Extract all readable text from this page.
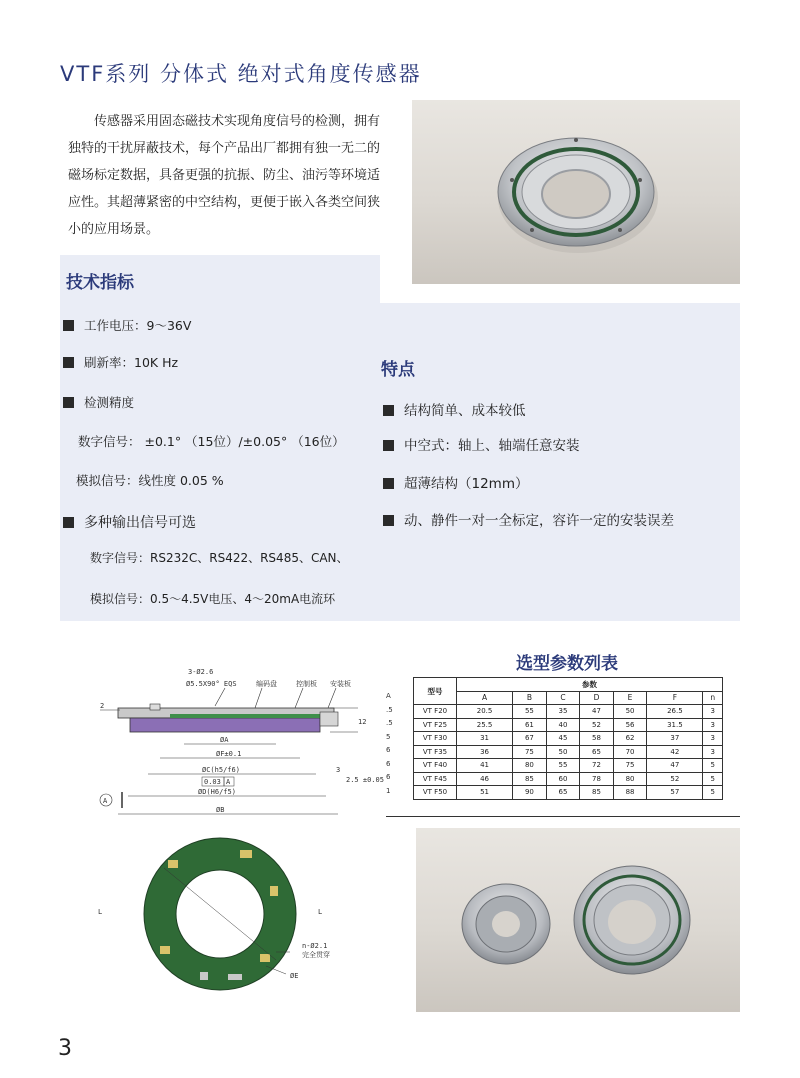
VTF系列 分体式 绝对式角度传感器
传感器采用固态磁技术实现角度信号的检测，拥有独特的干扰屏蔽技术，每个产品出厂都拥有独一无二的磁场标定数据，具备更强的抗振、防尘、油污等环境适应性。其超薄紧密的中空结构，更便于嵌入各类空间狭小的应用场景。
技术指标
工作电压：9～36V
刷新率：10K Hz
检测精度
数字信号： ±0.1° （15位）/±0.05° （16位）
模拟信号：线性度 0.05 %
多种输出信号可选
数字信号：RS232C、RS422、RS485、CAN、
模拟信号：0.5～4.5V电压、4～20mA电流环
特点
结构简单、成本较低
中空式：轴上、轴端任意安装
超薄结构（12mm）
动、静件一对一全标定，容许一定的安装误差
3-Ø2.6
Ø5.5X90° EQS	编码盘	控制板 安装板
2
12
3
2.5 ±0.05
ØA
ØF±0.1
ØC(h5/f6)
0.03 A
ØD(H6/f5)
ØB
A
L	L
n-Ø2.1
完全贯穿
ØE
选型参数列表
A
.5
.5
5
6
6
6
1
型号	参数						
	A	B	C	D	E	F	n
VT F20	20.5	55	35	47	50	26.5	3
VT F25	25.5	61	40	52	56	31.5	3
VT F30	31	67	45	58	62	37	3
VT F35	36	75	50	65	70	42	3
VT F40	41	80	55	72	75	47	5
VT F45	46	85	60	78	80	52	5
VT F50	51	90	65	85	88	57	5
3
